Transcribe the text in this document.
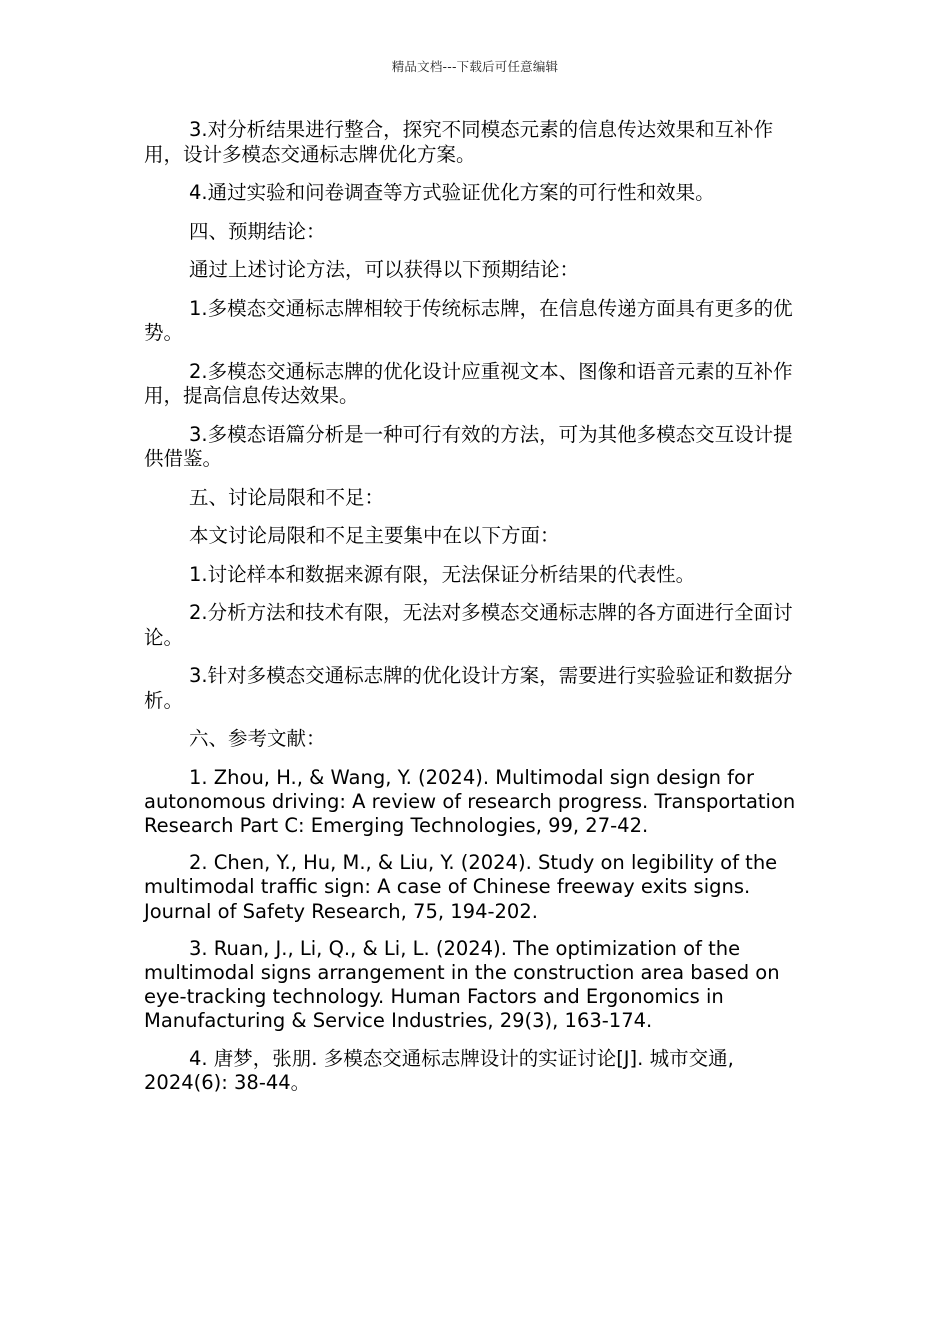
精品文档---下载后可任意编辑

3.对分析结果进行整合，探究不同模态元素的信息传达效果和互补作用，设计多模态交通标志牌优化方案。

4.通过实验和问卷调查等方式验证优化方案的可行性和效果。

四、预期结论：

通过上述讨论方法，可以获得以下预期结论：

1.多模态交通标志牌相较于传统标志牌，在信息传递方面具有更多的优势。

2.多模态交通标志牌的优化设计应重视文本、图像和语音元素的互补作用，提高信息传达效果。

3.多模态语篇分析是一种可行有效的方法，可为其他多模态交互设计提供借鉴。

五、讨论局限和不足：

本文讨论局限和不足主要集中在以下方面：

1.讨论样本和数据来源有限，无法保证分析结果的代表性。

2.分析方法和技术有限，无法对多模态交通标志牌的各方面进行全面讨论。

3.针对多模态交通标志牌的优化设计方案，需要进行实验验证和数据分析。

六、参考文献：

1. Zhou, H., & Wang, Y. (2024). Multimodal sign design for autonomous driving: A review of research progress. Transportation Research Part C: Emerging Technologies, 99, 27-42.

2. Chen, Y., Hu, M., & Liu, Y. (2024). Study on legibility of the multimodal traffic sign: A case of Chinese freeway exits signs. Journal of Safety Research, 75, 194-202.

3. Ruan, J., Li, Q., & Li, L. (2024). The optimization of the multimodal signs arrangement in the construction area based on eye-tracking technology. Human Factors and Ergonomics in Manufacturing & Service Industries, 29(3), 163-174.

4. 唐梦，张朋. 多模态交通标志牌设计的实证讨论[J]. 城市交通, 2024(6): 38-44。
